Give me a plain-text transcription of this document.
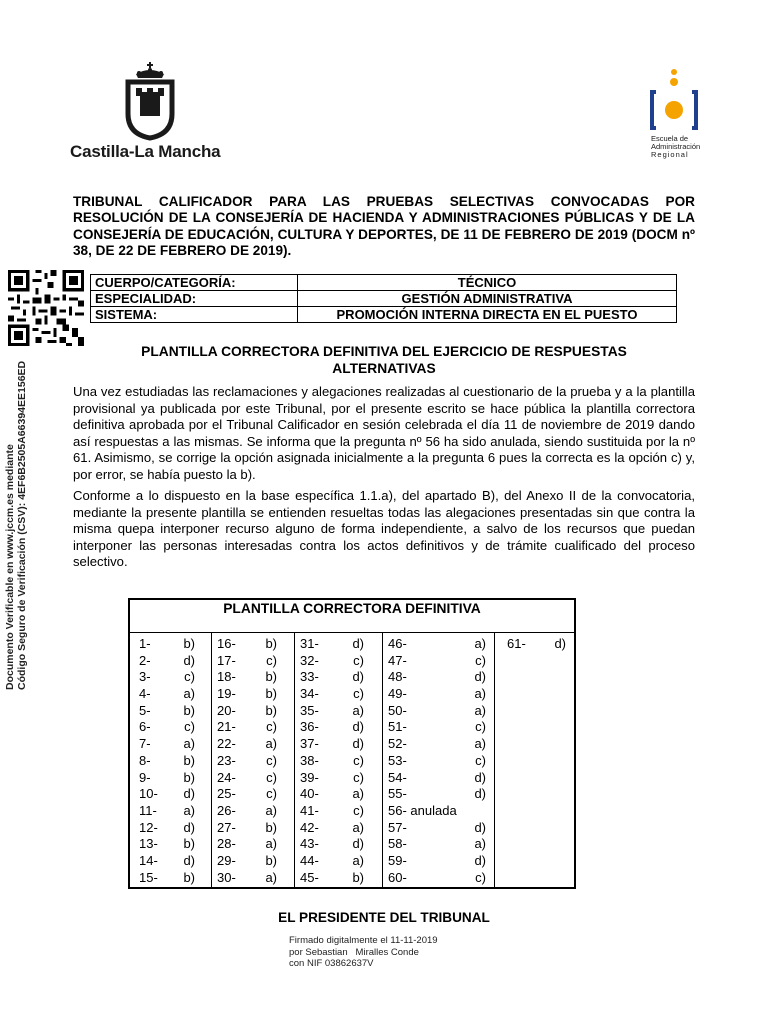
Castilla-La Mancha
Escuela de
Administración
Regional
Documento Verificable en www.jccm.es mediante Código Seguro de Verificación (CSV): 4EF6B2505A66394EE156ED
TRIBUNAL CALIFICADOR PARA LAS PRUEBAS SELECTIVAS CONVOCADAS POR RESOLUCIÓN DE LA CONSEJERÍA DE HACIENDA Y ADMINISTRACIONES PÚBLICAS Y DE LA CONSEJERÍA DE EDUCACIÓN, CULTURA Y DEPORTES, DE 11 DE FEBRERO DE 2019 (DOCM nº 38, DE 22 DE FEBRERO DE 2019).
CUERPO/CATEGORÍA:	TÉCNICO
ESPECIALIDAD:	GESTIÓN ADMINISTRATIVA
SISTEMA:	PROMOCIÓN INTERNA DIRECTA EN EL PUESTO
PLANTILLA CORRECTORA DEFINITIVA DEL EJERCICIO DE RESPUESTAS ALTERNATIVAS
Una vez estudiadas las reclamaciones y alegaciones realizadas al cuestionario de la prueba y a la plantilla provisional ya publicada por este Tribunal, por el presente escrito se hace pública la plantilla correctora definitiva aprobada por el Tribunal Calificador en sesión celebrada el día 11 de noviembre de 2019 dando así respuestas a las mismas. Se informa que la pregunta nº 56 ha sido anulada, siendo sustituida por la nº 61. Asimismo, se corrige la opción asignada inicialmente a la pregunta 6 pues la correcta es la opción c) y, por error, se había puesto la b).
Conforme a lo dispuesto en la base específica 1.1.a), del apartado B), del Anexo II de la convocatoria, mediante la presente plantilla se entienden resueltas todas las alegaciones presentadas sin que contra la misma quepa interponer recurso alguno de forma independiente, a salvo de los recursos que puedan interponer las personas interesadas contra los actos definitivos y de trámite cualificado del proceso selectivo.
PLANTILLA CORRECTORA DEFINITIVA
1-	b)
2-	d)
3-	c)
4-	a)
5-	b)
6-	c)
7-	a)
8-	b)
9-	b)
10- d)
11- a)
12- d)
13- b)
14- d)
15- b)
16- b)
17- c)
18- b)
19- b)
20- b)
21- c)
22- a)
23- c)
24- c)
25- c)
26- a)
27- b)
28- a)
29- b)
30- a)
31-	d)
32-	c)
33-	d)
34-	c)
35-	a)
36-	d)
37-	d)
38-	c)
39-	c)
40-	a)
41-	c)
42-	a)
43-	d)
44-	a)
45-	b)
46-	a)
47-	c)
48-	d)
49-	a)
50-	a)
51-	c)
52-	a)
53-	c)
54-	d)
55-	d)
56- anulada
57-	d)
58-	a)
59-	d)
60-	c)
61- d)
EL PRESIDENTE DEL TRIBUNAL
Firmado digitalmente el 11-11-2019
por Sebastian   Miralles Conde
con NIF 03862637V
